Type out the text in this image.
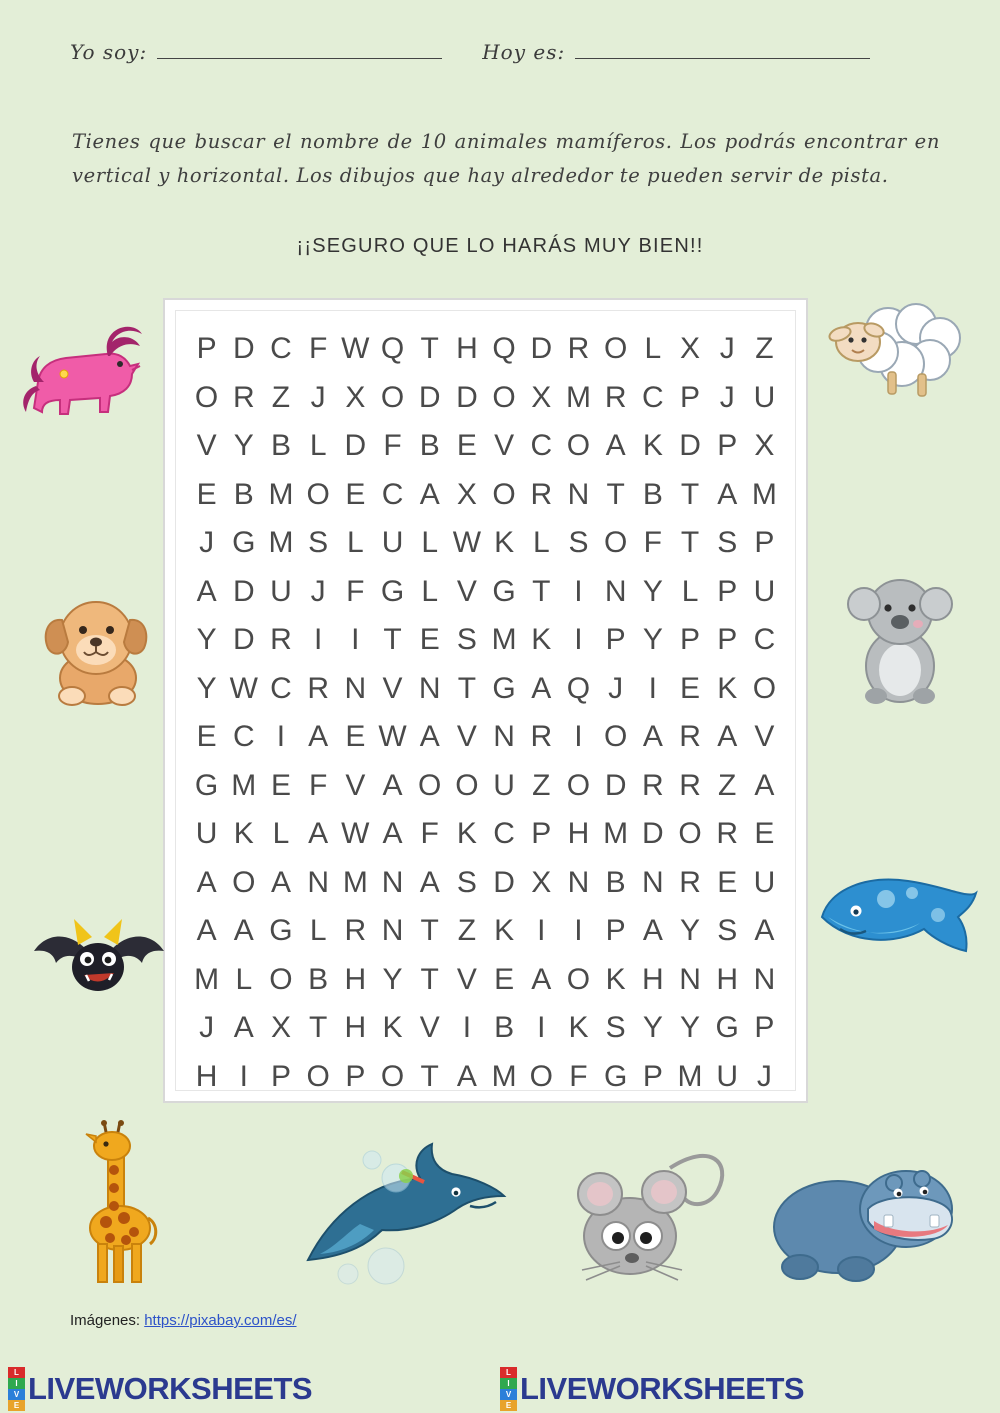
Yo soy:	Hoy es:
Tienes que buscar el nombre de 10 animales mamíferos. Los podrás encontrar en vertical y horizontal. Los dibujos que hay alrededor te pueden servir de pista.
¡¡SEGURO QUE LO HARÁS MUY BIEN!!
P D C F W Q T H Q D R O L X J Z
O R Z J X O D D O X M R C P J U
V Y B L D F B E V C O A K D P X
E B M O E C A X O R N T B T A M
J G M S L U L W K L S O F T S P
A D U J F G L V G T I N Y L P U
Y D R I I T E S M K I P Y P P C
Y W C R N V N T G A Q J I E K O
E C I A E W A V N R I O A R A V
G M E F V A O O U Z O D R R Z A
U K L A W A F K C P H M D O R E
A O A N M N A S D X N B N R E U
A A G L R N T Z K I I P A Y S A
M L O B H Y T V E A O K H N H N
J A X T H K V I B I K S Y Y G P
H I P O P O T A M O F G P M U J
Imágenes: https://pixabay.com/es/
L
I
V
E LIVEWORKSHEETS	L
I
V
E LIVEWORKSHEETS
